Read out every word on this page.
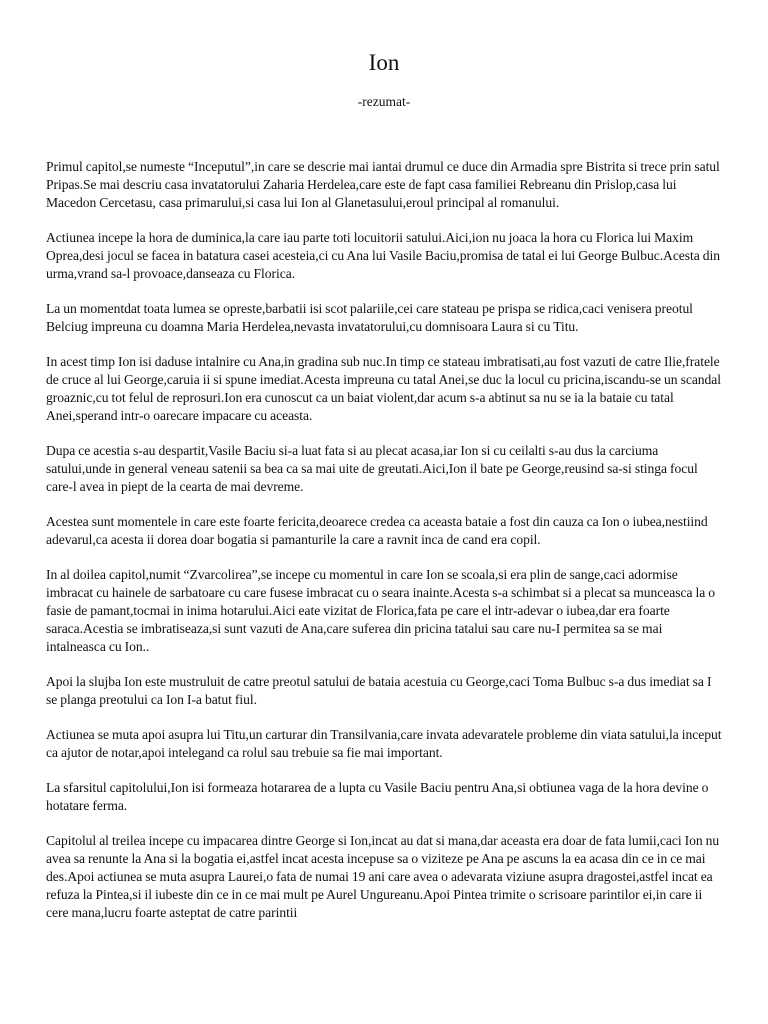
Ion
-rezumat-

Primul capitol,se numeste “Inceputul”,in care se descrie mai iantai drumul ce duce din Armadia spre Bistrita si trece prin satul Pripas.Se mai descriu casa invatatorului Zaharia Herdelea,care este de fapt casa familiei Rebreanu din Prislop,casa lui Macedon Cercetasu, casa primarului,si casa lui Ion al Glanetasului,eroul principal al romanului.

Actiunea incepe la hora de duminica,la care iau parte toti locuitorii satului.Aici,ion nu joaca la hora cu Florica lui Maxim Oprea,desi jocul se facea in batatura casei acesteia,ci cu Ana lui Vasile Baciu,promisa de tatal ei lui George Bulbuc.Acesta din urma,vrand sa-l provoace,danseaza cu Florica.

La un momentdat toata lumea se opreste,barbatii isi scot palariile,cei care stateau pe prispa se ridica,caci venisera preotul Belciug impreuna cu doamna Maria Herdelea,nevasta invatatorului,cu domnisoara Laura si cu Titu.

In acest timp Ion isi daduse intalnire cu Ana,in gradina sub nuc.In timp ce stateau imbratisati,au fost vazuti de catre Ilie,fratele de cruce al lui George,caruia ii si spune imediat.Acesta impreuna cu tatal Anei,se duc la locul cu pricina,iscandu-se un scandal groaznic,cu tot felul de reprosuri.Ion era cunoscut ca un baiat violent,dar acum s-a abtinut sa nu se ia la bataie cu tatal Anei,sperand intr-o oarecare impacare cu aceasta.

Dupa ce acestia s-au despartit,Vasile Baciu si-a luat fata si au plecat acasa,iar Ion si cu ceilalti s-au dus la carciuma satului,unde in general veneau satenii sa bea ca sa mai uite de greutati.Aici,Ion il bate pe George,reusind sa-si stinga focul care-l avea in piept de la cearta de mai devreme.

Acestea sunt momentele in care este foarte fericita,deoarece credea ca aceasta bataie a fost din cauza ca Ion o iubea,nestiind adevarul,ca acesta ii dorea doar bogatia si pamanturile la care a ravnit inca de cand era copil.

In al doilea capitol,numit “Zvarcolirea”,se incepe cu momentul in care Ion se scoala,si era plin de sange,caci adormise imbracat cu hainele de sarbatoare cu care fusese imbracat cu o seara inainte.Acesta s-a schimbat si a plecat sa munceasca la o fasie de pamant,tocmai in inima hotarului.Aici eate vizitat de Florica,fata pe care el intr-adevar o iubea,dar era foarte saraca.Acestia se imbratiseaza,si sunt vazuti de Ana,care suferea din pricina tatalui sau care nu-I permitea sa se mai intalneasca cu Ion..

Apoi la slujba Ion este mustruluit de catre preotul satului de bataia acestuia cu George,caci Toma Bulbuc s-a dus imediat sa I se planga preotului ca Ion I-a batut fiul.

Actiunea se muta apoi asupra lui Titu,un carturar din Transilvania,care invata adevaratele probleme din viata satului,la inceput ca ajutor de notar,apoi intelegand ca rolul sau trebuie sa fie mai important.

La sfarsitul capitolului,Ion isi formeaza hotararea de a lupta cu Vasile Baciu pentru Ana,si obtiunea vaga de la hora devine o hotatare ferma.

Capitolul al treilea incepe cu impacarea dintre George si Ion,incat au dat si mana,dar aceasta era doar de fata lumii,caci Ion nu avea sa renunte la Ana si la bogatia ei,astfel incat acesta incepuse sa o viziteze pe Ana pe ascuns la ea acasa din ce in ce mai des.Apoi actiunea se muta asupra Laurei,o fata de numai 19 ani care avea o adevarata viziune asupra dragostei,astfel incat ea refuza la Pintea,si il iubeste din ce in ce mai mult pe Aurel Ungureanu.Apoi Pintea trimite o scrisoare parintilor ei,in care ii cere mana,lucru foarte asteptat de catre parintii
